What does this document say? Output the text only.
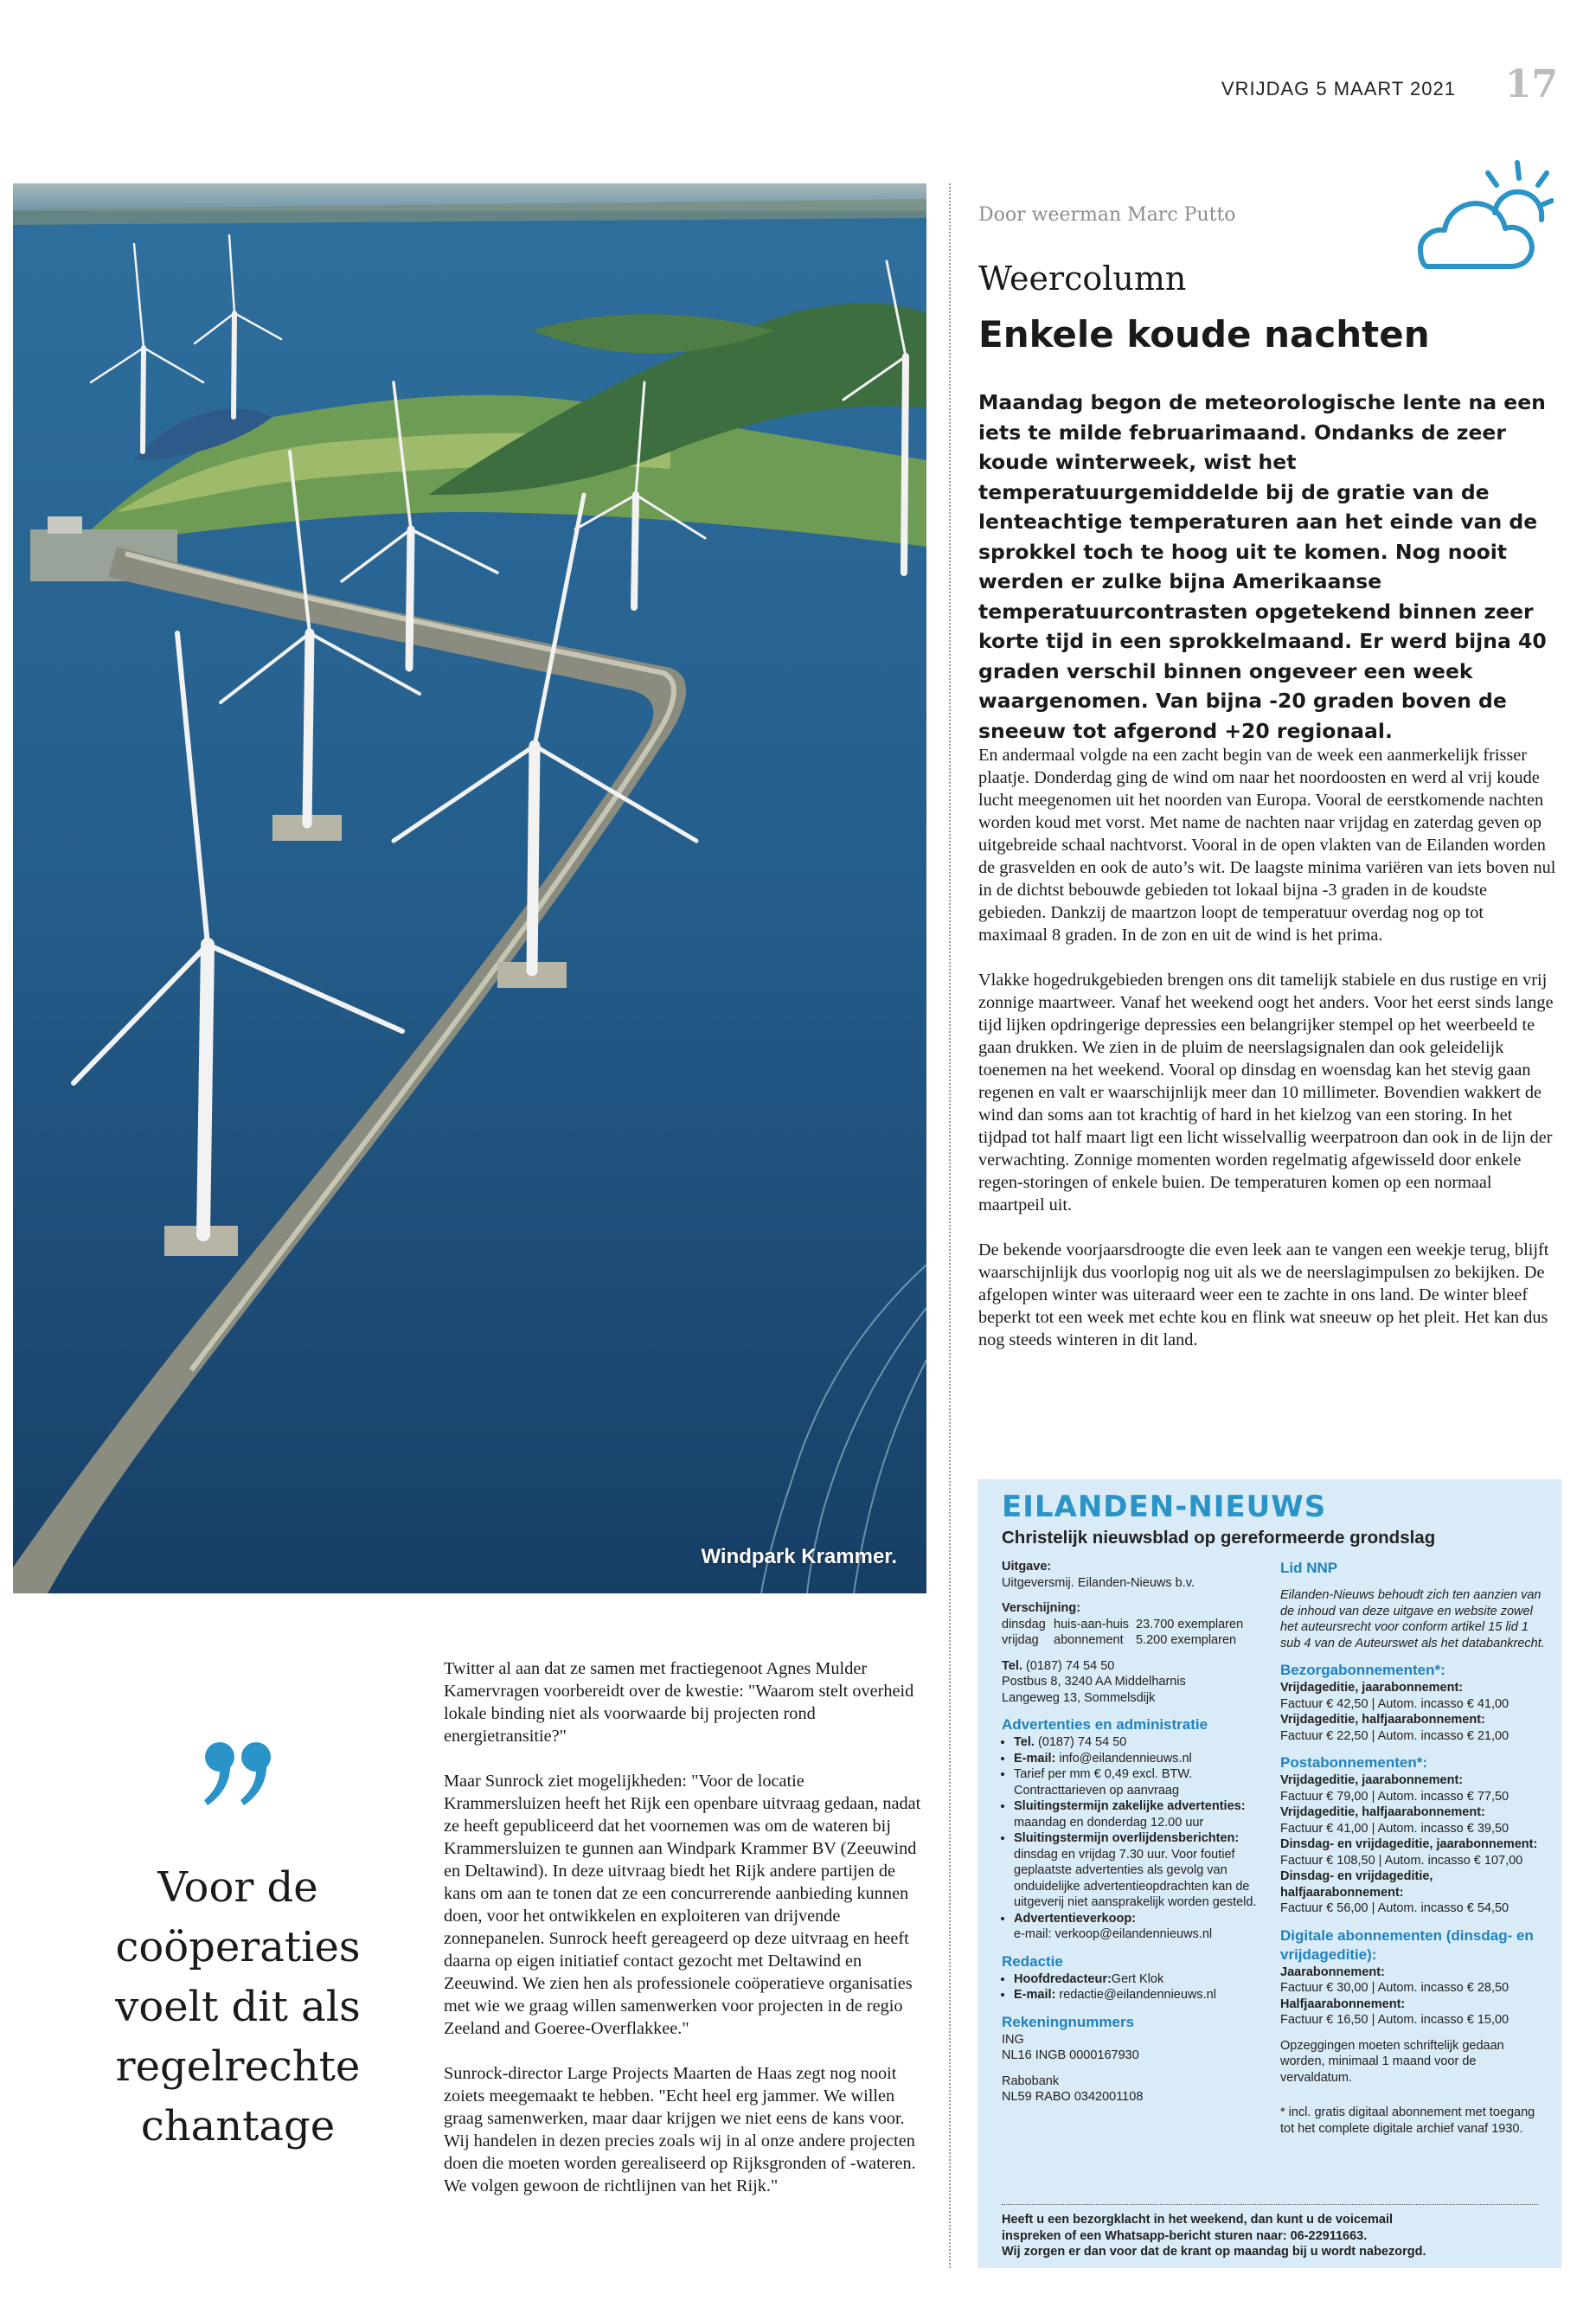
VRIJDAG 5 MAART 2021 17
Windpark Krammer.
Door weerman Marc Putto
Weercolumn
Enkele koude nachten
Maandag begon de meteorologische lente na een iets te milde februarimaand. Ondanks de zeer koude winterweek, wist het temperatuurgemiddelde bij de gratie van de lenteachtige temperaturen aan het einde van de sprokkel toch te hoog uit te komen. Nog nooit werden er zulke bijna Amerikaanse temperatuurcontrasten opgetekend binnen zeer korte tijd in een sprokkelmaand. Er werd bijna 40 graden verschil binnen ongeveer een week waargenomen. Van bijna -20 graden boven de sneeuw tot afgerond +20 regionaal.

En andermaal volgde na een zacht begin van de week een aanmerkelijk frisser plaatje. Donderdag ging de wind om naar het noordoosten en werd al vrij koude lucht meegenomen uit het noorden van Europa. Vooral de eerstkomende nachten worden koud met vorst. Met name de nachten naar vrijdag en zaterdag geven op uitgebreide schaal nachtvorst. Vooral in de open vlakten van de Eilanden worden de grasvelden en ook de auto’s wit. De laagste minima variëren van iets boven nul in de dichtst bebouwde gebieden tot lokaal bijna -3 graden in de koudste gebieden. Dankzij de maartzon loopt de temperatuur overdag nog op tot maximaal 8 graden. In de zon en uit de wind is het prima.

Vlakke hogedrukgebieden brengen ons dit tamelijk stabiele en dus rustige en vrij zonnige maartweer. Vanaf het weekend oogt het anders. Voor het eerst sinds lange tijd lijken opdringerige depressies een belangrijker stempel op het weerbeeld te gaan drukken. We zien in de pluim de neerslagsignalen dan ook geleidelijk toenemen na het weekend. Vooral op dinsdag en woensdag kan het stevig gaan regenen en valt er waarschijnlijk meer dan 10 millimeter. Bovendien wakkert de wind dan soms aan tot krachtig of hard in het kielzog van een storing. In het tijdpad tot half maart ligt een licht wisselvallig weerpatroon dan ook in de lijn der verwachting. Zonnige momenten worden regelmatig afgewisseld door enkele regen-storingen of enkele buien. De temperaturen komen op een normaal maartpeil uit.

De bekende voorjaarsdroogte die even leek aan te vangen een weekje terug, blijft waarschijnlijk dus voorlopig nog uit als we de neerslagimpulsen zo bekijken. De afgelopen winter was uiteraard weer een te zachte in ons land. De winter bleef beperkt tot een week met echte kou en flink wat sneeuw op het pleit. Het kan dus nog steeds winteren in dit land.

Voor de coöperaties voelt dit als regelrechte chantage

Twitter al aan dat ze samen met fractiegenoot Agnes Mulder Kamervragen voorbereidt over de kwestie: "Waarom stelt overheid lokale binding niet als voorwaarde bij projecten rond energietransitie?"

Maar Sunrock ziet mogelijkheden: "Voor de locatie Krammersluizen heeft het Rijk een openbare uitvraag gedaan, nadat ze heeft gepubliceerd dat het voornemen was om de wateren bij Krammersluizen te gunnen aan Windpark Krammer BV (Zeeuwind en Deltawind). In deze uitvraag biedt het Rijk andere partijen de kans om aan te tonen dat ze een concurrerende aanbieding kunnen doen, voor het ontwikkelen en exploiteren van drijvende zonnepanelen. Sunrock heeft gereageerd op deze uitvraag en heeft daarna op eigen initiatief contact gezocht met Deltawind en Zeeuwind. We zien hen als professionele coöperatieve organisaties met wie we graag willen samenwerken voor projecten in de regio Zeeland and Goeree-Overflakkee."

Sunrock-director Large Projects Maarten de Haas zegt nog nooit zoiets meegemaakt te hebben. "Echt heel erg jammer. We willen graag samenwerken, maar daar krijgen we niet eens de kans voor. Wij handelen in dezen precies zoals wij in al onze andere projecten doen die moeten worden gerealiseerd op Rijksgronden of -wateren. We volgen gewoon de richtlijnen van het Rijk."

EILANDEN-NIEUWS
Christelijk nieuwsblad op gereformeerde grondslag
Uitgave:
Uitgeversmij. Eilanden-Nieuws b.v.
Verschijning:
dinsdag huis-aan-huis 23.700 exemplaren
vrijdag	abonnement 5.200 exemplaren
Tel. (0187) 74 54 50
Postbus 8, 3240 AA Middelharnis
Langeweg 13, Sommelsdijk
Advertenties en administratie
• Tel. (0187) 74 54 50
• E-mail: info@eilandennieuws.nl
• Tarief per mm € 0,49 excl. BTW. Contracttarieven op aanvraag
• Sluitingstermijn zakelijke advertenties:
maandag en donderdag 12.00 uur
• Sluitingstermijn overlijdensberichten:
dinsdag en vrijdag 7.30 uur. Voor foutief geplaatste advertenties als gevolg van onduidelijke advertentieopdrachten kan de uitgeverij niet aansprakelijk worden gesteld.
• Advertentieverkoop:
e-mail: verkoop@eilandennieuws.nl
Redactie
• Hoofdredacteur:Gert Klok
• E-mail: redactie@eilandennieuws.nl
Rekeningnummers
ING
NL16 INGB 0000167930
Rabobank
NL59 RABO 0342001108
Lid NNP
Eilanden-Nieuws behoudt zich ten aanzien van de inhoud van deze uitgave en website zowel het auteursrecht voor conform artikel 15 lid 1 sub 4 van de Auteurswet als het databankrecht.
Bezorgabonnementen*:
Vrijdageditie, jaarabonnement:
Factuur € 42,50 | Autom. incasso € 41,00
Vrijdageditie, halfjaarabonnement:
Factuur € 22,50 | Autom. incasso € 21,00
Postabonnementen*:
Vrijdageditie, jaarabonnement:
Factuur € 79,00 | Autom. incasso € 77,50
Vrijdageditie, halfjaarabonnement:
Factuur € 41,00 | Autom. incasso € 39,50
Dinsdag- en vrijdageditie, jaarabonnement:
Factuur € 108,50 | Autom. incasso € 107,00
Dinsdag- en vrijdageditie, halfjaarabonnement:
Factuur € 56,00 | Autom. incasso € 54,50
Digitale abonnementen (dinsdag- en vrijdageditie):
Jaarabonnement:
Factuur € 30,00 | Autom. incasso € 28,50
Halfjaarabonnement:
Factuur € 16,50 | Autom. incasso € 15,00
Opzeggingen moeten schriftelijk gedaan worden, minimaal 1 maand voor de vervaldatum.
* incl. gratis digitaal abonnement met toegang tot het complete digitale archief vanaf 1930.
Heeft u een bezorgklacht in het weekend, dan kunt u de voicemail
inspreken of een Whatsapp-bericht sturen naar: 06-22911663.
Wij zorgen er dan voor dat de krant op maandag bij u wordt nabezorgd.
